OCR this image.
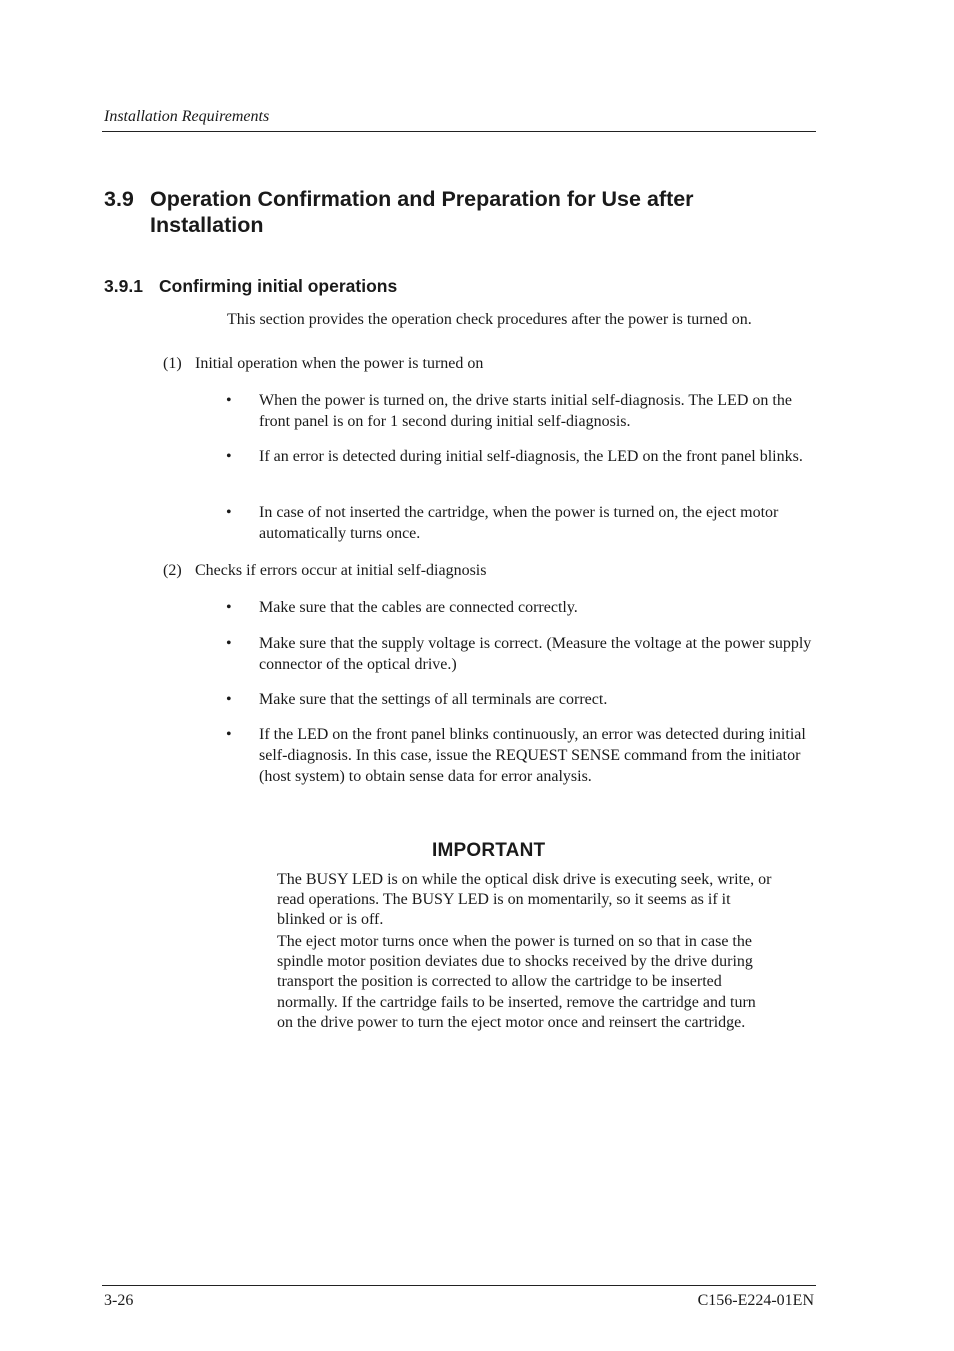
Installation Requirements
3.9 Operation Confirmation and Preparation for Use after Installation
3.9.1 Confirming initial operations
This section provides the operation check procedures after the power is turned on.
(1) Initial operation when the power is turned on
• When the power is turned on, the drive starts initial self-diagnosis. The LED on the front panel is on for 1 second during initial self-diagnosis.
• If an error is detected during initial self-diagnosis, the LED on the front panel blinks.
• In case of not inserted the cartridge, when the power is turned on, the eject motor automatically turns once.
(2) Checks if errors occur at initial self-diagnosis
• Make sure that the cables are connected correctly.
• Make sure that the supply voltage is correct. (Measure the voltage at the power supply connector of the optical drive.)
• Make sure that the settings of all terminals are correct.
• If the LED on the front panel blinks continuously, an error was detected during initial self-diagnosis. In this case, issue the REQUEST SENSE command from the initiator (host system) to obtain sense data for error analysis.
IMPORTANT
The BUSY LED is on while the optical disk drive is executing seek, write, or read operations. The BUSY LED is on momentarily, so it seems as if it blinked or is off.
The eject motor turns once when the power is turned on so that in case the spindle motor position deviates due to shocks received by the drive during transport the position is corrected to allow the cartridge to be inserted normally. If the cartridge fails to be inserted, remove the cartridge and turn on the drive power to turn the eject motor once and reinsert the cartridge.
3-26	C156-E224-01EN
